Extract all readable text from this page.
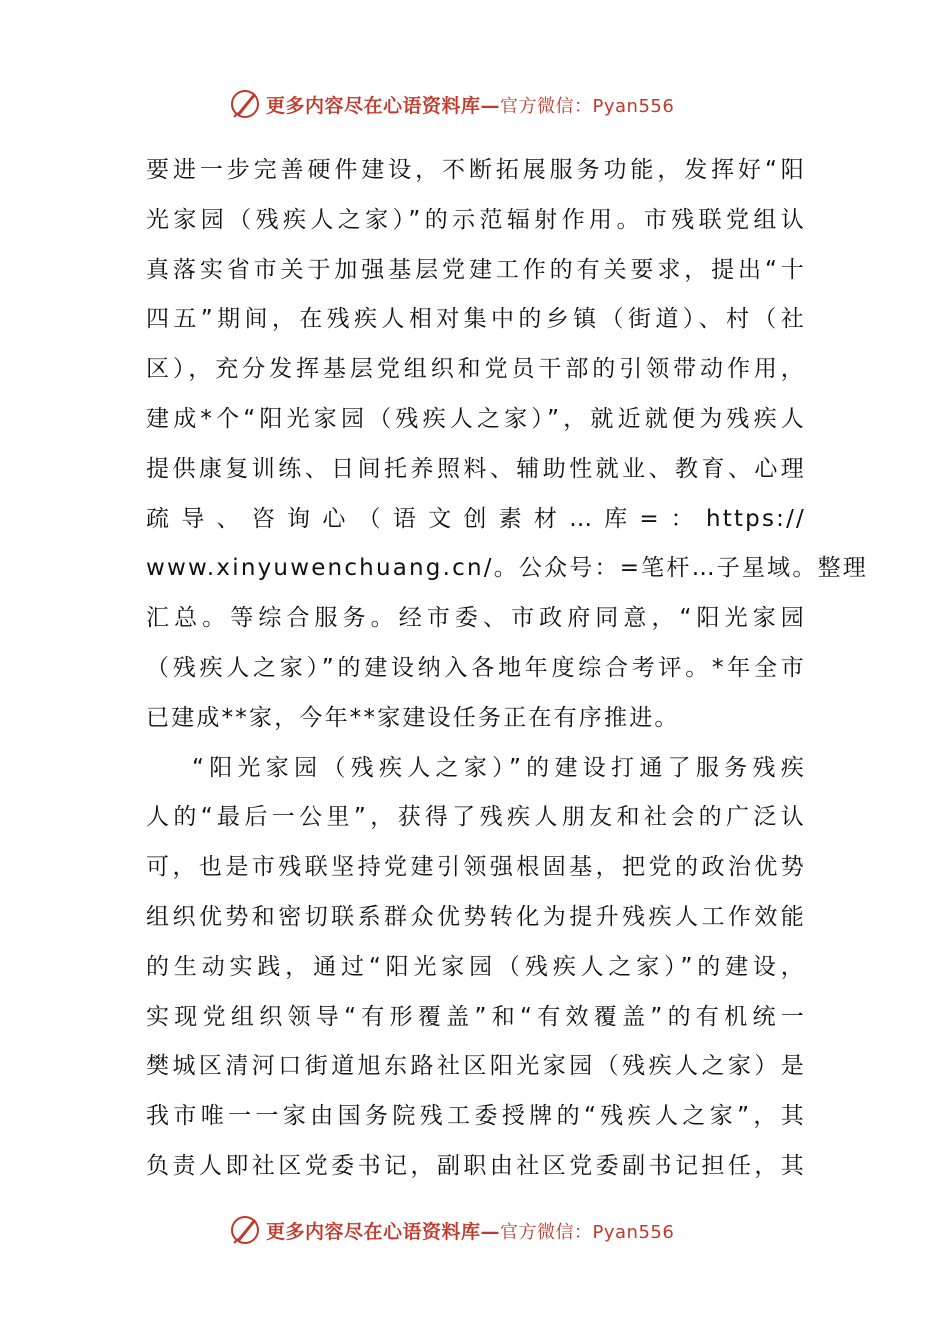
更多内容尽在心语资料库—官方微信：Pyan556
要进一步完善硬件建设，不断拓展服务功能，发挥好“阳
光家园（残疾人之家）”的示范辐射作用。市残联党组认
真落实省市关于加强基层党建工作的有关要求，提出“十
四五”期间，在残疾人相对集中的乡镇（街道）、村（社
区），充分发挥基层党组织和党员干部的引领带动作用，
建成*个“阳光家园（残疾人之家）”，就近就便为残疾人
提供康复训练、日间托养照料、辅助性就业、教育、心理
疏 导 、 咨 询 心 （ 语 文 创 素 材 … 库 = ： https://
www.xinyuwenchuang.cn/。公众号：=笔杆…子星域。整理
汇总。等综合服务。经市委、市政府同意，“阳光家园
（残疾人之家）”的建设纳入各地年度综合考评。*年全市
已建成**家，今年**家建设任务正在有序推进。
“阳光家园（残疾人之家）”的建设打通了服务残疾
人的“最后一公里”，获得了残疾人朋友和社会的广泛认
可，也是市残联坚持党建引领强根固基，把党的政治优势
组织优势和密切联系群众优势转化为提升残疾人工作效能
的生动实践，通过“阳光家园（残疾人之家）”的建设，
实现党组织领导“有形覆盖”和“有效覆盖”的有机统一
樊城区清河口街道旭东路社区阳光家园（残疾人之家）是
我市唯一一家由国务院残工委授牌的“残疾人之家”，其
负责人即社区党委书记，副职由社区党委副书记担任，其
更多内容尽在心语资料库—官方微信：Pyan556
